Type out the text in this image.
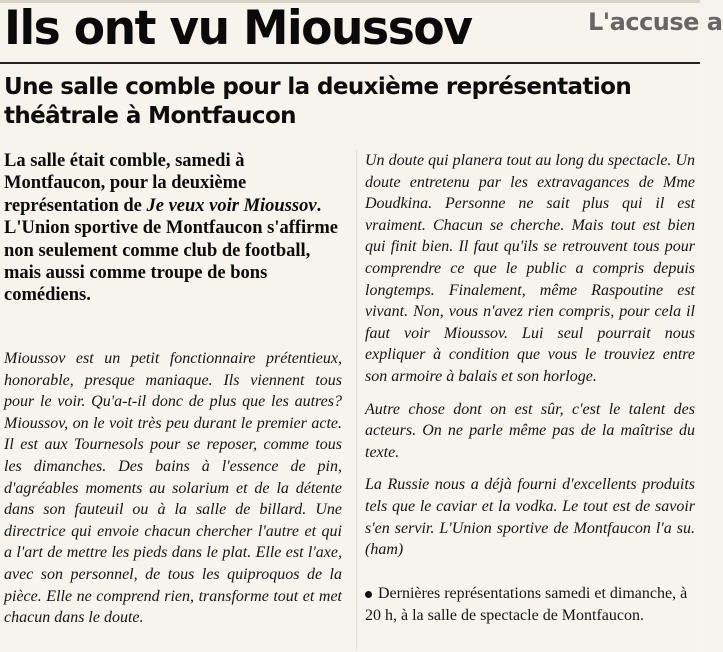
Ils ont vu Mioussov	L'accuse a
Une salle comble pour la deuxième représentation
théâtrale à Montfaucon
La salle était comble, samedi à Montfaucon, pour la deuxième représentation de Je veux voir Mioussov. L'Union sportive de Montfaucon s'affirme non seulement comme club de football, mais aussi comme troupe de bons comédiens.
Mioussov est un petit fonctionnaire prétentieux, honorable, presque maniaque. Ils viennent tous pour le voir. Qu'a-t-il donc de plus que les autres? Mioussov, on le voit très peu durant le premier acte. Il est aux Tournesols pour se reposer, comme tous les dimanches. Des bains à l'essence de pin, d'agréables moments au solarium et de la détente dans son fauteuil ou à la salle de billard. Une directrice qui envoie chacun chercher l'autre et qui a l'art de mettre les pieds dans le plat. Elle est l'axe, avec son personnel, de tous les quiproquos de la pièce. Elle ne comprend rien, transforme tout et met chacun dans le doute.

Un doute qui planera tout au long du spectacle. Un doute entretenu par les extravagances de Mme Doudkina. Personne ne sait plus qui il est vraiment. Chacun se cherche. Mais tout est bien qui finit bien. Il faut qu'ils se retrouvent tous pour comprendre ce que le public a compris depuis longtemps. Finalement, même Raspoutine est vivant. Non, vous n'avez rien compris, pour cela il faut voir Mioussov. Lui seul pourrait nous expliquer à condition que vous le trouviez entre son armoire à balais et son horloge.

Autre chose dont on est sûr, c'est le talent des acteurs. On ne parle même pas de la maîtrise du texte.

La Russie nous a déjà fourni d'excellents produits tels que le caviar et la vodka. Le tout est de savoir s'en servir. L'Union sportive de Montfaucon l'a su. (ham)

Dernières représentations samedi et dimanche, à 20 h, à la salle de spectacle de Montfaucon.
